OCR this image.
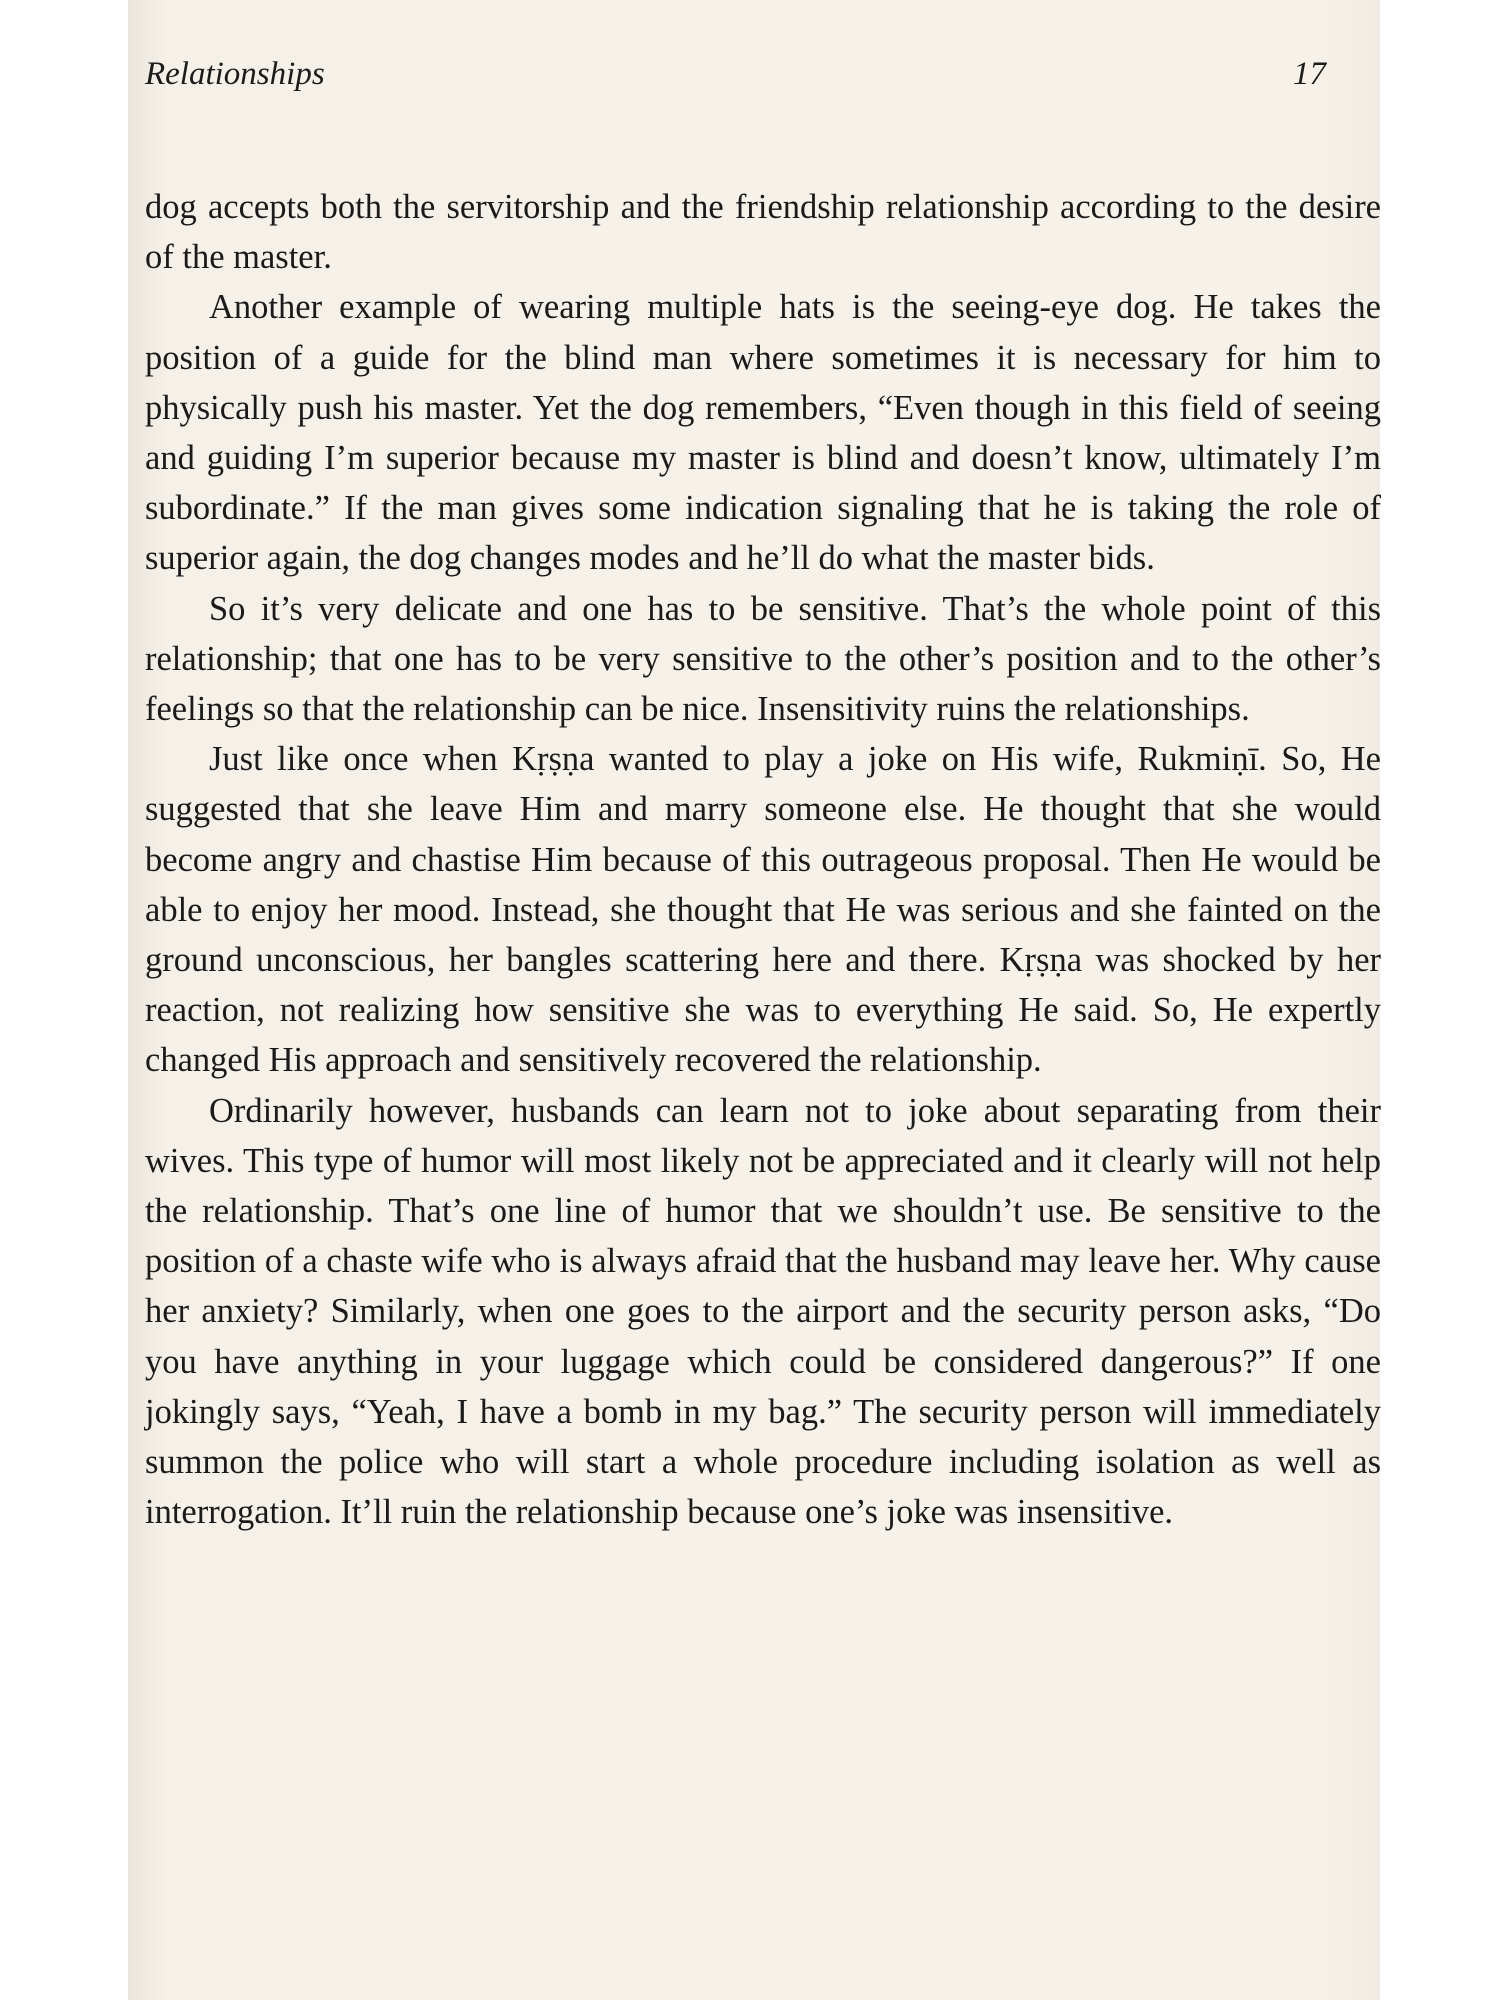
Relationships	17

dog accepts both the servitorship and the friendship relationship according to the desire of the master.

Another example of wearing multiple hats is the seeing-eye dog. He takes the position of a guide for the blind man where sometimes it is necessary for him to physically push his master. Yet the dog remembers, “Even though in this field of seeing and guiding I’m superior because my master is blind and doesn’t know, ultimately I’m subordinate.” If the man gives some indication signaling that he is taking the role of superior again, the dog changes modes and he’ll do what the master bids.

So it’s very delicate and one has to be sensitive. That’s the whole point of this relationship; that one has to be very sensitive to the other’s position and to the other’s feelings so that the relationship can be nice. Insensitivity ruins the relationships.

Just like once when Kṛṣṇa wanted to play a joke on His wife, Rukmiṇī. So, He suggested that she leave Him and marry someone else. He thought that she would become angry and chastise Him because of this outrageous proposal. Then He would be able to enjoy her mood. Instead, she thought that He was serious and she fainted on the ground unconscious, her bangles scattering here and there. Kṛṣṇa was shocked by her reaction, not realizing how sensitive she was to everything He said. So, He expertly changed His approach and sensitively recovered the relationship.

Ordinarily however, husbands can learn not to joke about separating from their wives. This type of humor will most likely not be appreciated and it clearly will not help the relationship. That’s one line of humor that we shouldn’t use. Be sensitive to the position of a chaste wife who is always afraid that the husband may leave her. Why cause her anxiety? Similarly, when one goes to the airport and the security person asks, “Do you have anything in your luggage which could be considered dangerous?” If one jokingly says, “Yeah, I have a bomb in my bag.” The security person will immediately summon the police who will start a whole procedure including isolation as well as interrogation. It’ll ruin the relationship because one’s joke was insensitive.
